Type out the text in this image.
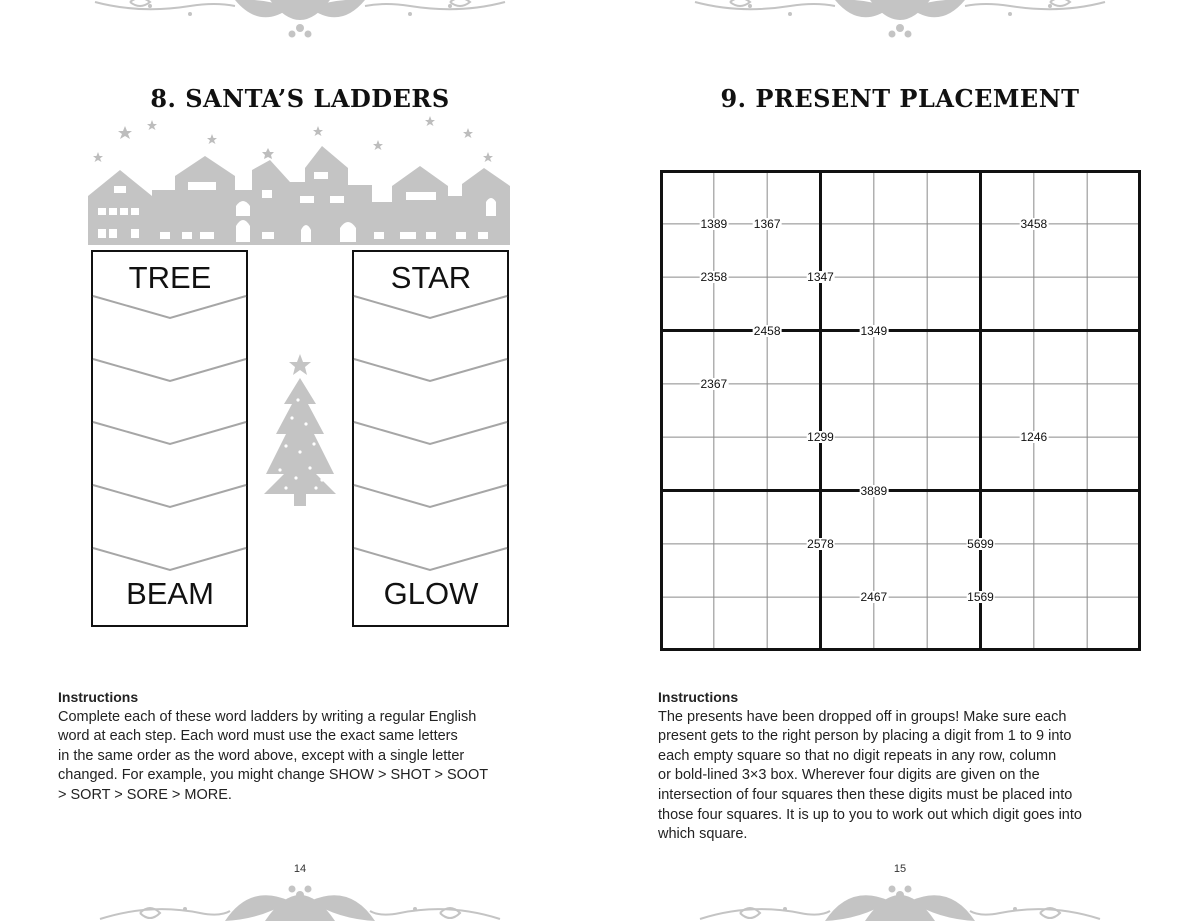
8. SANTA’S LADDERS
TREE
BEAM
STAR
GLOW
Instructions
Complete each of these word ladders by writing a regular English
word at each step. Each word must use the exact same letters
in the same order as the word above, except with a single letter
changed. For example, you might change SHOW > SHOT > SOOT
> SORT > SORE > MORE.
14
9. PRESENT PLACEMENT
1389 1367	3458
2358	1347
2458	1349
2367
1299	1246
3889
2578	5699
2467	1569
Instructions
The presents have been dropped off in groups! Make sure each
present gets to the right person by placing a digit from 1 to 9 into
each empty square so that no digit repeats in any row, column
or bold-lined 3×3 box. Wherever four digits are given on the
intersection of four squares then these digits must be placed into
those four squares. It is up to you to work out which digit goes into
which square.
15
